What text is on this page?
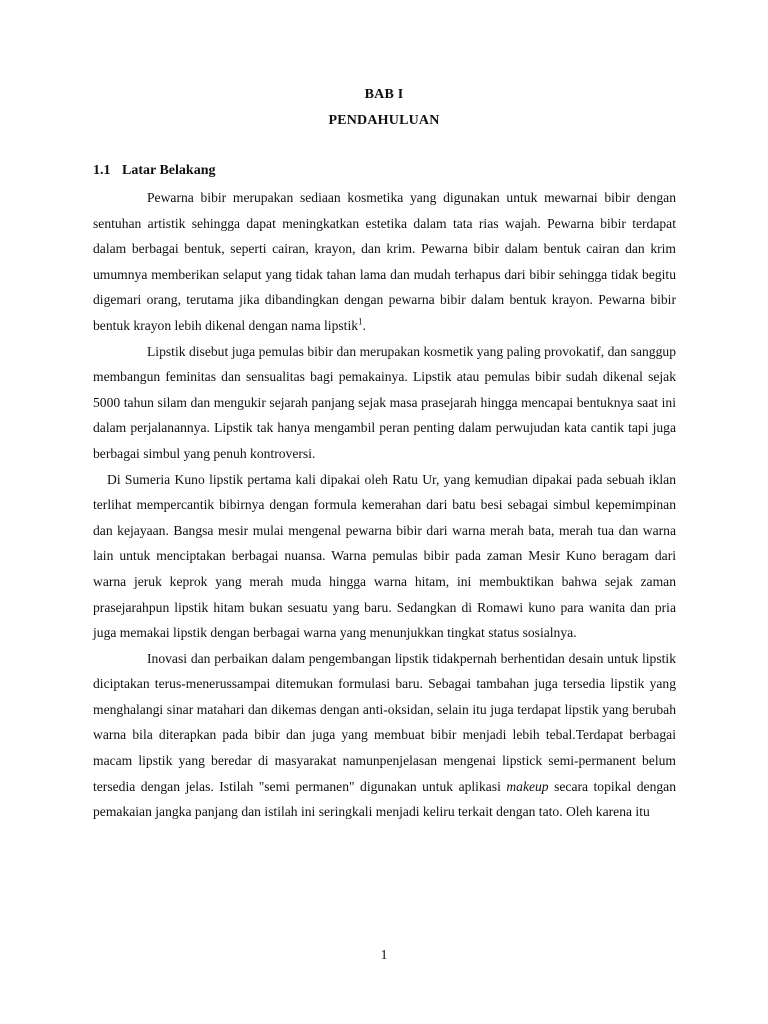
BAB I
PENDAHULUAN
1.1 Latar Belakang

Pewarna bibir merupakan sediaan kosmetika yang digunakan untuk mewarnai bibir dengan sentuhan artistik sehingga dapat meningkatkan estetika dalam tata rias wajah. Pewarna bibir terdapat dalam berbagai bentuk, seperti cairan, krayon, dan krim. Pewarna bibir dalam bentuk cairan dan krim umumnya memberikan selaput yang tidak tahan lama dan mudah terhapus dari bibir sehingga tidak begitu digemari orang, terutama jika dibandingkan dengan pewarna bibir dalam bentuk krayon. Pewarna bibir bentuk krayon lebih dikenal dengan nama lipstik$^1$.

Lipstik disebut juga pemulas bibir dan merupakan kosmetik yang paling provokatif, dan sanggup membangun feminitas dan sensualitas bagi pemakainya. Lipstik atau pemulas bibir sudah dikenal sejak 5000 tahun silam dan mengukir sejarah panjang sejak masa prasejarah hingga mencapai bentuknya saat ini dalam perjalanannya. Lipstik tak hanya mengambil peran penting dalam perwujudan kata cantik tapi juga berbagai simbul yang penuh kontroversi.

Di Sumeria Kuno lipstik pertama kali dipakai oleh Ratu Ur, yang kemudian dipakai pada sebuah iklan terlihat mempercantik bibirnya dengan formula kemerahan dari batu besi sebagai simbul kepemimpinan dan kejayaan. Bangsa mesir mulai mengenal pewarna bibir dari warna merah bata, merah tua dan warna lain untuk menciptakan berbagai nuansa. Warna pemulas bibir pada zaman Mesir Kuno beragam dari warna jeruk keprok yang merah muda hingga warna hitam, ini membuktikan bahwa sejak zaman prasejarahpun lipstik hitam bukan sesuatu yang baru. Sedangkan di Romawi kuno para wanita dan pria juga memakai lipstik dengan berbagai warna yang menunjukkan tingkat status sosialnya.

Inovasi dan perbaikan dalam pengembangan lipstik tidakpernah berhentidan desain untuk lipstik diciptakan terus-menerussampai ditemukan formulasi baru. Sebagai tambahan juga tersedia lipstik yang menghalangi sinar matahari dan dikemas dengan anti-oksidan, selain itu juga terdapat lipstik yang berubah warna bila diterapkan pada bibir dan juga yang membuat bibir menjadi lebih tebal.Terdapat berbagai macam lipstik yang beredar di masyarakat namunpenjelasan mengenai lipstick semi-permanent belum tersedia dengan jelas. Istilah "semi permanen" digunakan untuk aplikasi makeup secara topikal dengan pemakaian jangka panjang dan istilah ini seringkali menjadi keliru terkait dengan tato. Oleh karena itu

1
